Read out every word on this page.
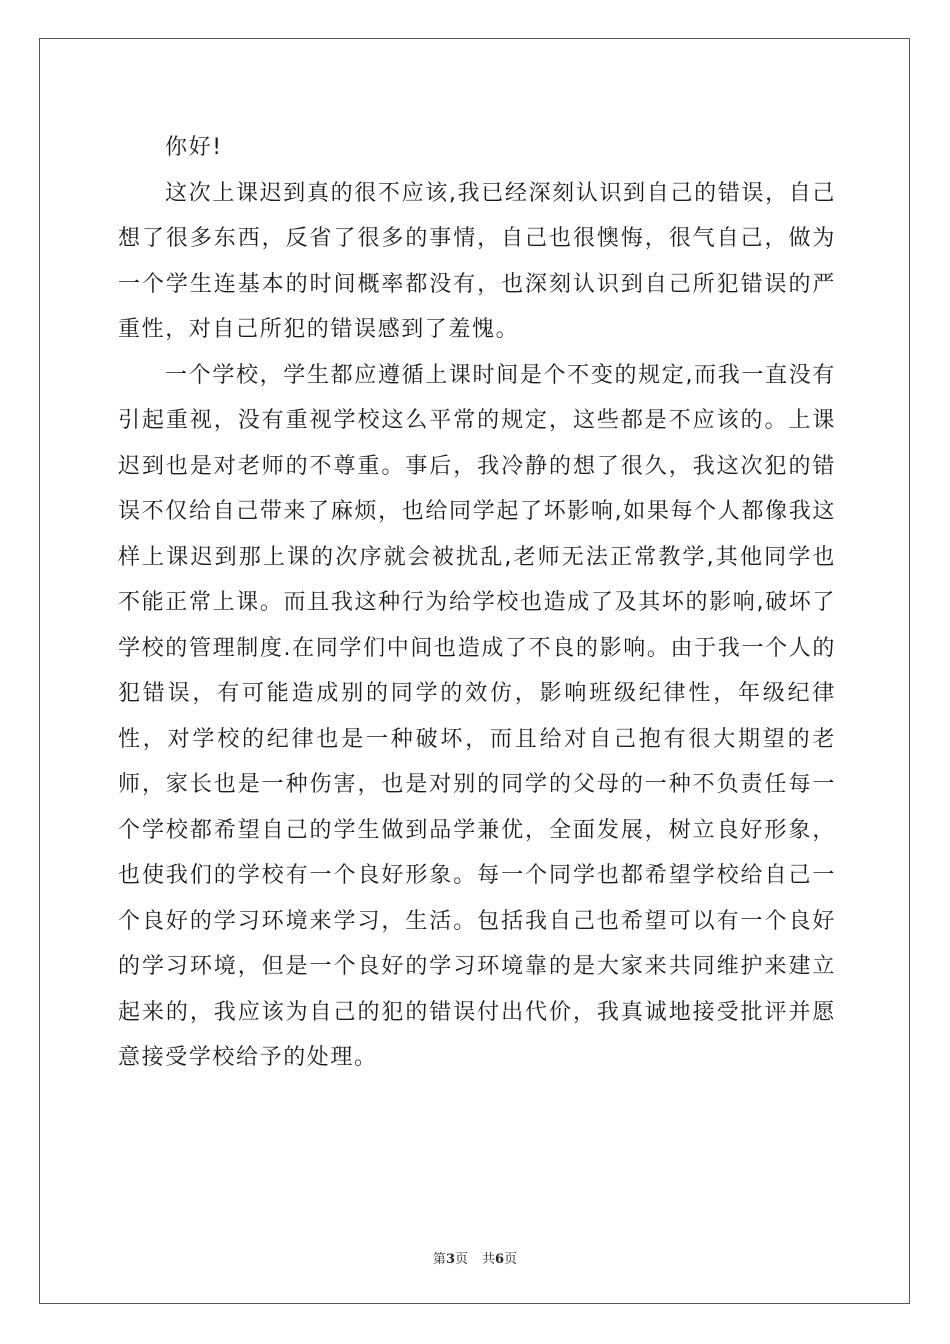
你好!

这次上课迟到真的很不应该,我已经深刻认识到自己的错误，自己想了很多东西，反省了很多的事情，自己也很懊悔，很气自己，做为一个学生连基本的时间概率都没有，也深刻认识到自己所犯错误的严重性，对自己所犯的错误感到了羞愧。

一个学校，学生都应遵循上课时间是个不变的规定,而我一直没有引起重视，没有重视学校这么平常的规定，这些都是不应该的。上课迟到也是对老师的不尊重。事后，我冷静的想了很久，我这次犯的错误不仅给自己带来了麻烦，也给同学起了坏影响,如果每个人都像我这样上课迟到那上课的次序就会被扰乱,老师无法正常教学,其他同学也不能正常上课。而且我这种行为给学校也造成了及其坏的影响,破坏了学校的管理制度.在同学们中间也造成了不良的影响。由于我一个人的犯错误，有可能造成别的同学的效仿，影响班级纪律性，年级纪律性，对学校的纪律也是一种破坏，而且给对自己抱有很大期望的老师，家长也是一种伤害，也是对别的同学的父母的一种不负责任每一个学校都希望自己的学生做到品学兼优，全面发展，树立良好形象，也使我们的学校有一个良好形象。每一个同学也都希望学校给自己一个良好的学习环境来学习，生活。包括我自己也希望可以有一个良好的学习环境，但是一个良好的学习环境靠的是大家来共同维护来建立起来的，我应该为自己的犯的错误付出代价，我真诚地接受批评并愿意接受学校给予的处理。

第3页 共6页
